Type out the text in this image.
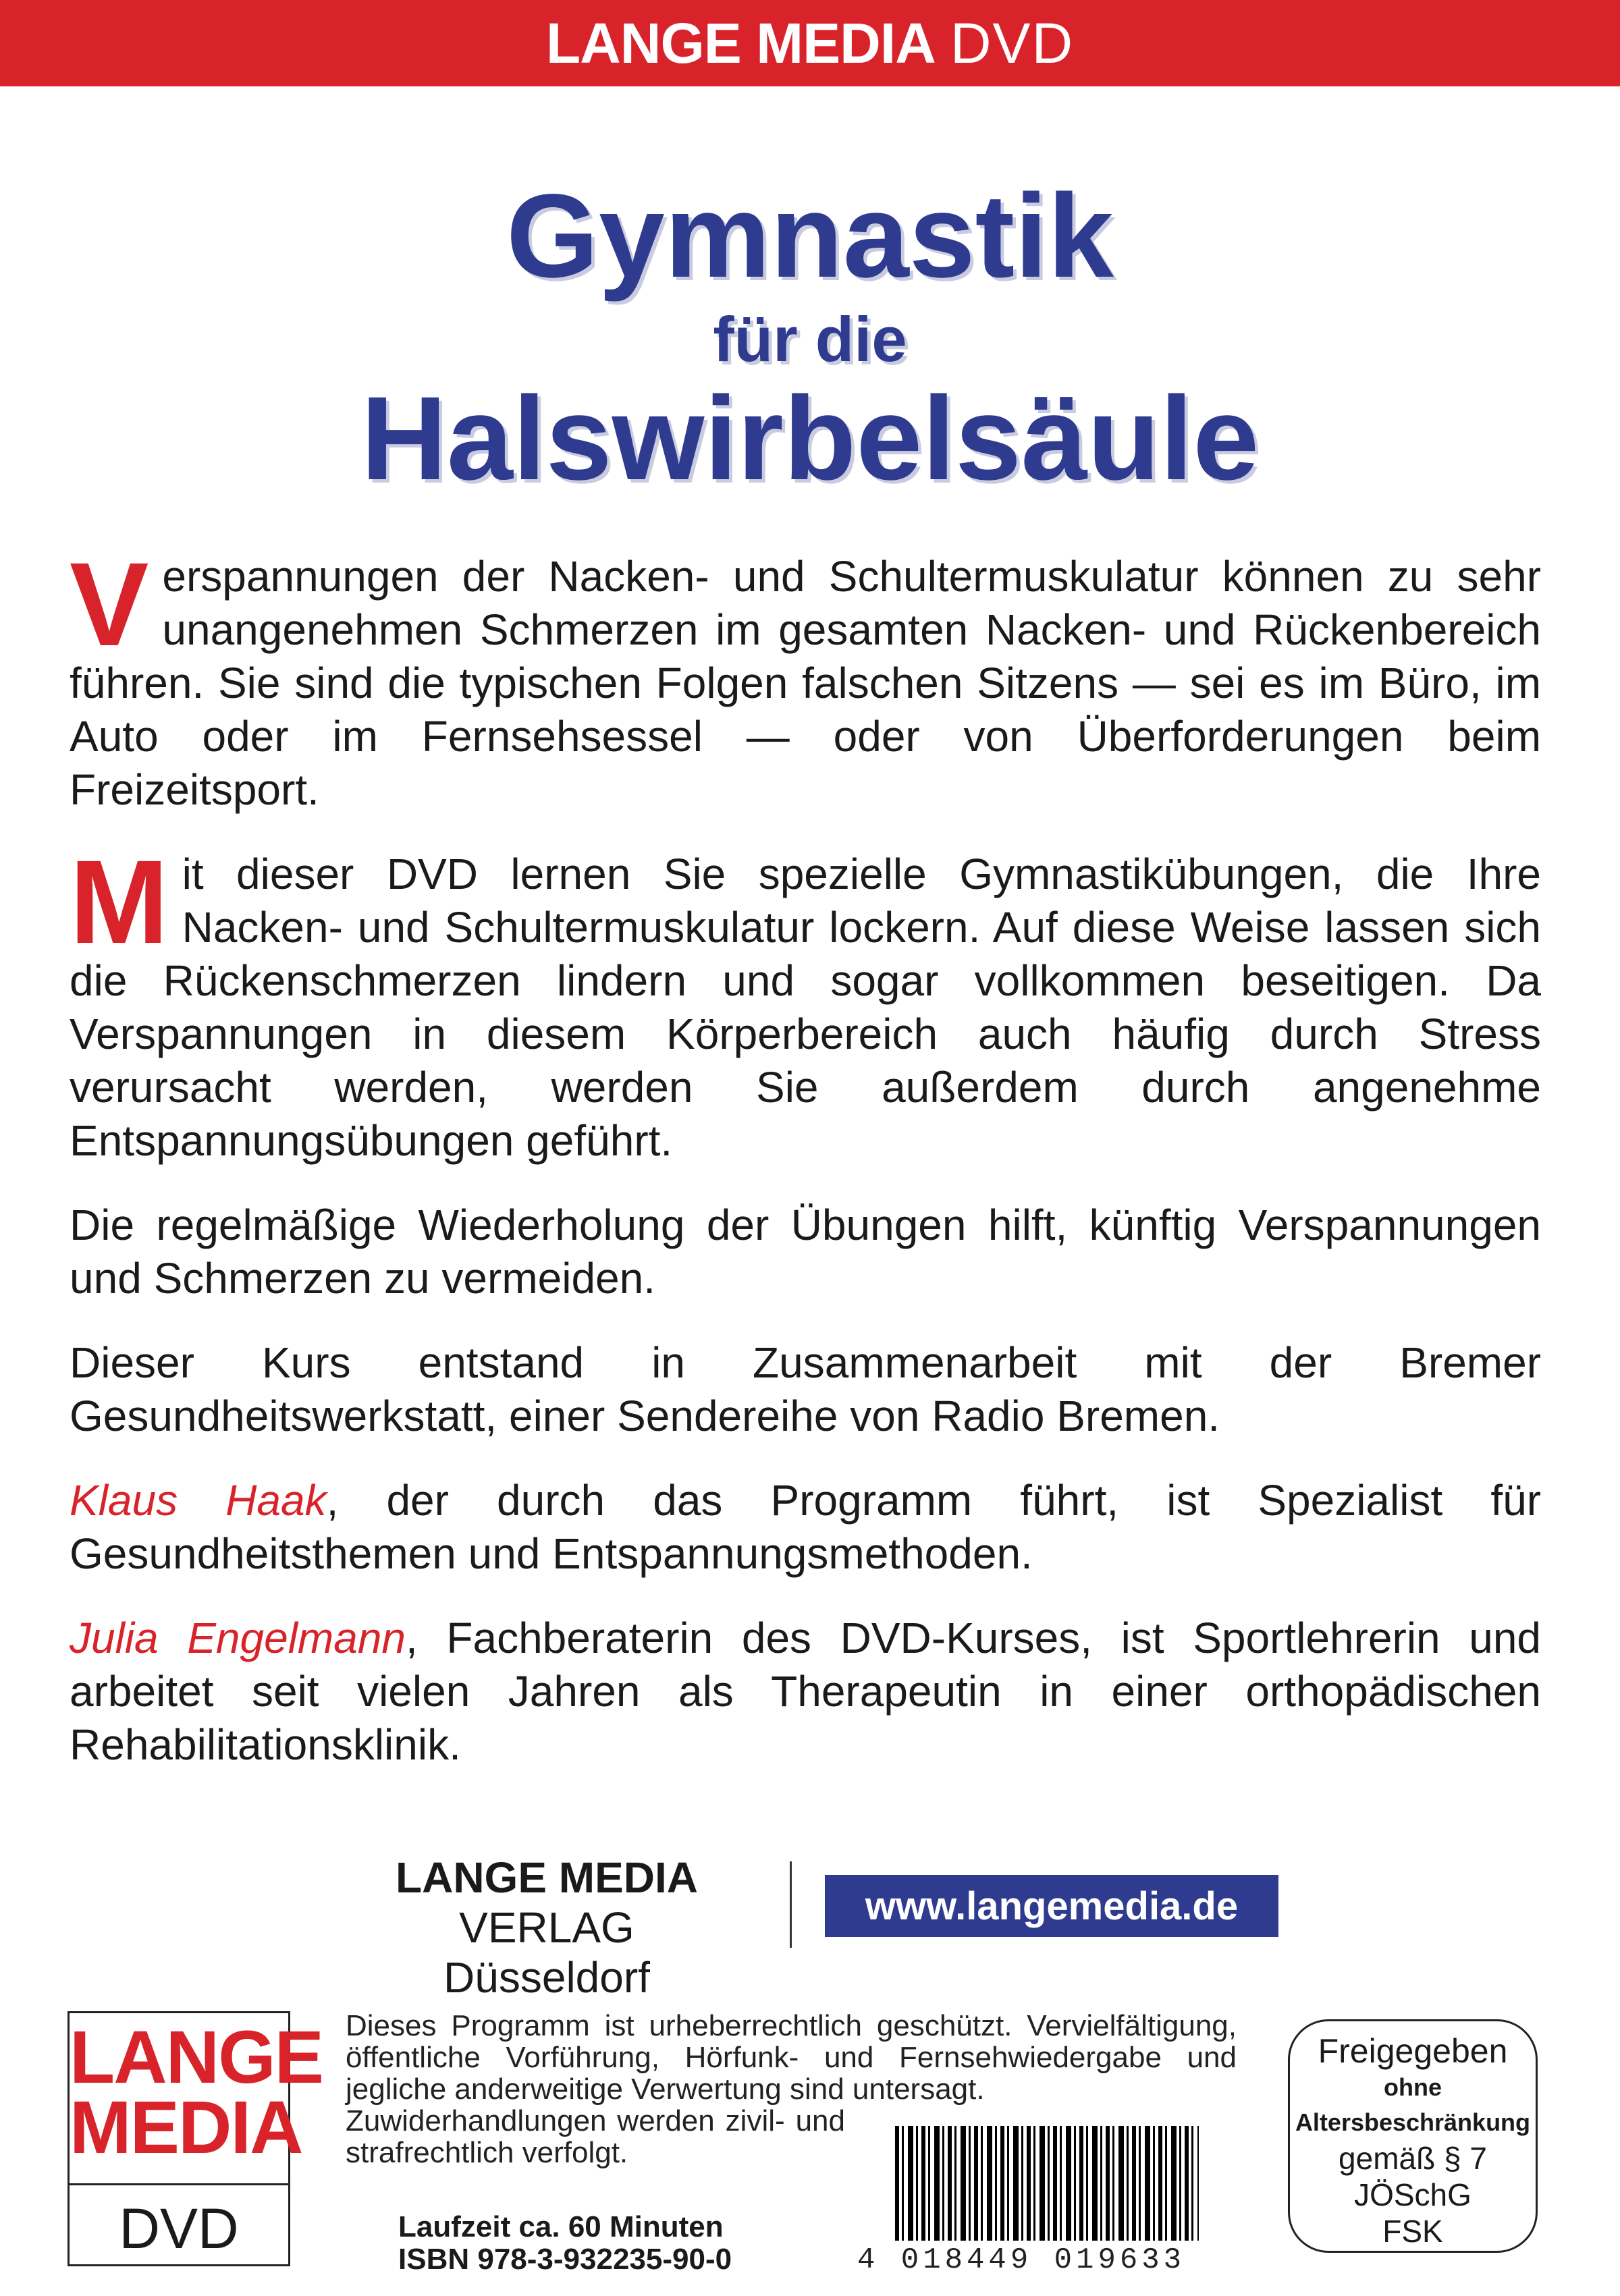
LANGE MEDIA DVD
Gymnastik
für die
Halswirbelsäule

Verspannungen der Nacken- und Schultermuskulatur können zu sehr unangenehmen Schmerzen im gesamten Nacken- und Rückenbereich führen. Sie sind die typischen Folgen falschen Sitzens — sei es im Büro, im Auto oder im Fernsehsessel — oder von Überforderungen beim Freizeitsport.

Mit dieser DVD lernen Sie spezielle Gymnastikübungen, die Ihre Nacken- und Schultermuskulatur lockern. Auf diese Weise lassen sich die Rückenschmerzen lindern und sogar vollkommen beseitigen. Da Verspannungen in diesem Körperbereich auch häufig durch Stress verursacht werden, werden Sie außerdem durch angenehme Entspannungsübungen geführt.

Die regelmäßige Wiederholung der Übungen hilft, künftig Verspannungen und Schmerzen zu vermeiden.

Dieser Kurs entstand in Zusammenarbeit mit der Bremer Gesundheitswerkstatt, einer Sendereihe von Radio Bremen.

Klaus Haak, der durch das Programm führt, ist Spezialist für Gesundheitsthemen und Entspannungsmethoden.

Julia Engelmann, Fachberaterin des DVD-Kurses, ist Sportlehrerin und arbeitet seit vielen Jahren als Therapeutin in einer orthopädischen Rehabilitationsklinik.

LANGE MEDIA VERLAG
Düsseldorf
www.langemedia.de
LANGE
MEDIA
DVD
Dieses Programm ist urheberrechtlich geschützt. Vervielfältigung, öffentliche Vorführung, Hörfunk- und Fernsehwiedergabe und jegliche anderweitige Verwertung sind untersagt.
Zuwiderhandlungen werden zivil- und strafrechtlich verfolgt.
Laufzeit ca. 60 Minuten
ISBN 978-3-932235-90-0	4 018449 019633
Freigegeben
ohne
Altersbeschränkung
gemäß § 7
JÖSchG
FSK
